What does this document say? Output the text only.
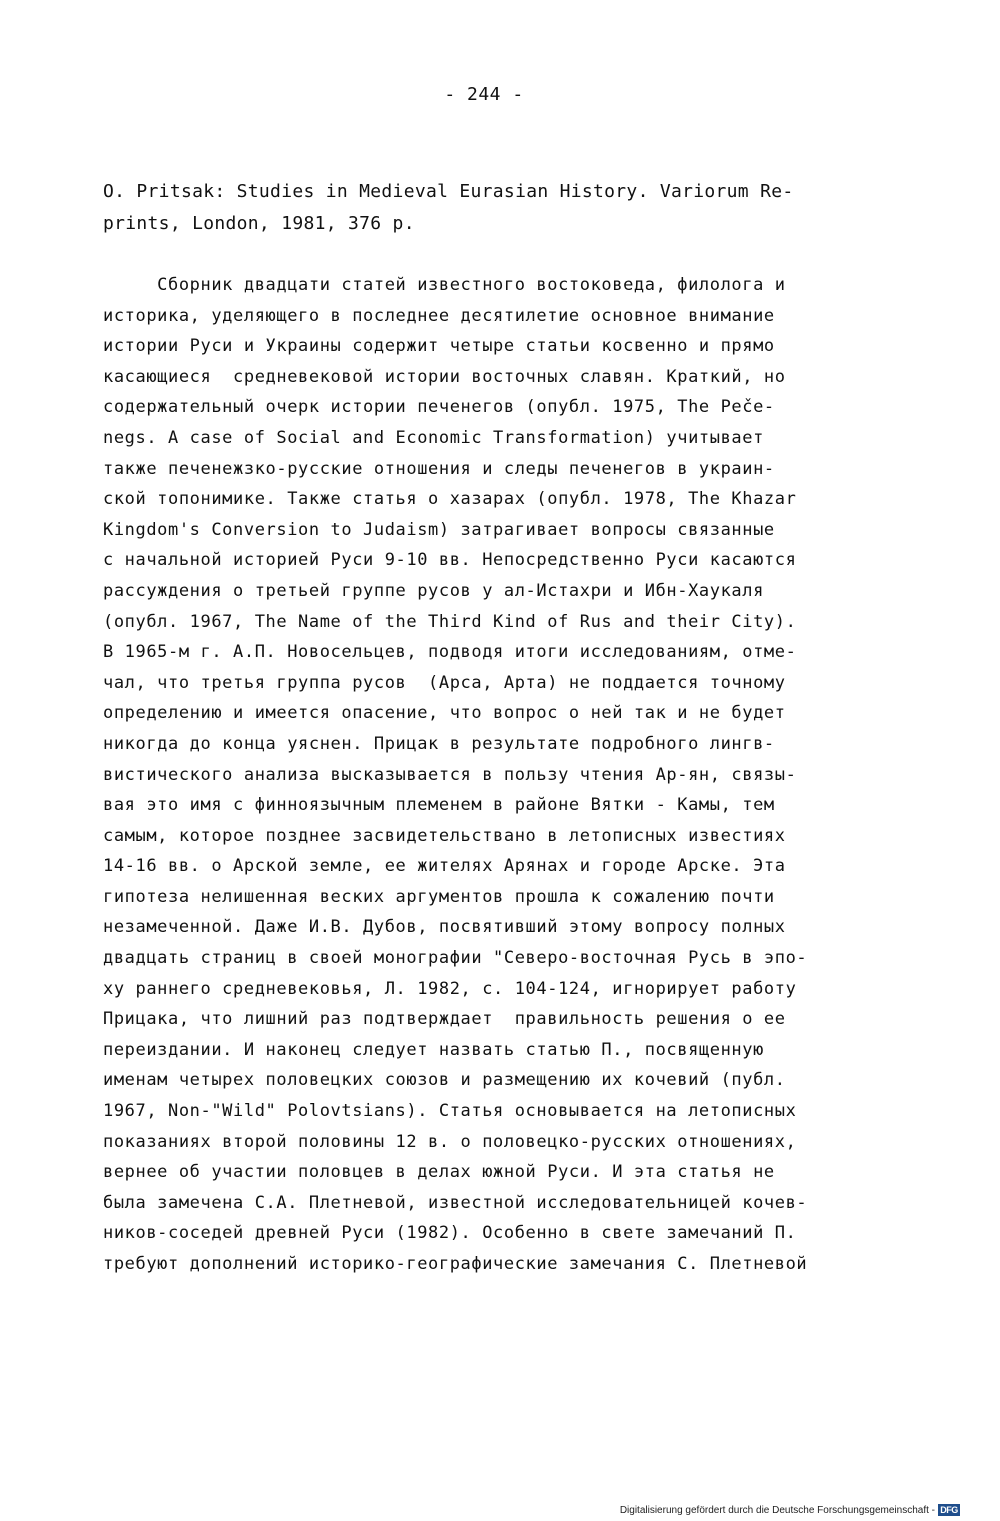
- 244 -
O. Pritsak: Studies in Medieval Eurasian History. Variorum Re-
prints, London, 1981, 376 p.
Сборник двадцати статей известного востоковеда, филолога и
историка, уделяющего в последнее десятилетие основное внимание
истории Руси и Украины содержит четыре статьи косвенно и прямо
касающиеся  средневековой истории восточных славян. Краткий, но
содержательный очерк истории печенегов (опубл. 1975, The Pečе-
negs. A case of Social and Economic Transformation) учитывает
также печенежзко-русские отношения и следы печенегов в украин-
ской топонимике. Также статья о хазарах (опубл. 1978, The Khazar
Kingdom's Conversion to Judaism) затрагивает вопросы связанные
с начальной историей Руси 9-10 вв. Непосредственно Руси касаются
рассуждения о третьей группе русов у ал-Истахри и Ибн-Хаукаля
(опубл. 1967, The Name of the Third Kind of Rus and their City).
В 1965-м г. А.П. Новосельцев, подводя итоги исследованиям, отме-
чал, что третья группа русов  (Арса, Арта) не поддается точному
определению и имеется опасение, что вопрос о ней так и не будет
никогда до конца уяснен. Прицак в результате подробного лингв-
вистического анализа высказывается в пользу чтения Ар-ян, связы-
вая это имя с финноязычным племенем в районе Вятки - Камы, тем
самым, которое позднее засвидетельствано в летописных известиях
14-16 вв. о Арской земле, ее жителях Арянах и городе Арске. Эта
гипотеза нелишенная веских аргументов прошла к сожалению почти
незамеченной. Даже И.В. Дубов, посвятивший этому вопросу полных
двадцать страниц в своей монографии "Северо-восточная Русь в эпо-
ху раннего средневековья, Л. 1982, с. 104-124, игнорирует работу
Прицака, что лишний раз подтверждает  правильность решения о ее
переиздании. И наконец следует назвать статью П., посвященную
именам четырех половецких союзов и размещению их кочевий (публ.
1967, Non-"Wild" Polovtsians). Статья основывается на летописных
показаниях второй половины 12 в. о половецко-русских отношениях,
вернее об участии половцев в делах южной Руси. И эта статья не
была замечена С.А. Плетневой, известной исследовательницей кочев-
ников-соседей древней Руси (1982). Особенно в свете замечаний П.
требуют дополнений историко-географические замечания С. Плетневой
Digitalisierung gefördert durch die Deutsche Forschungsgemeinschaft - DFG
